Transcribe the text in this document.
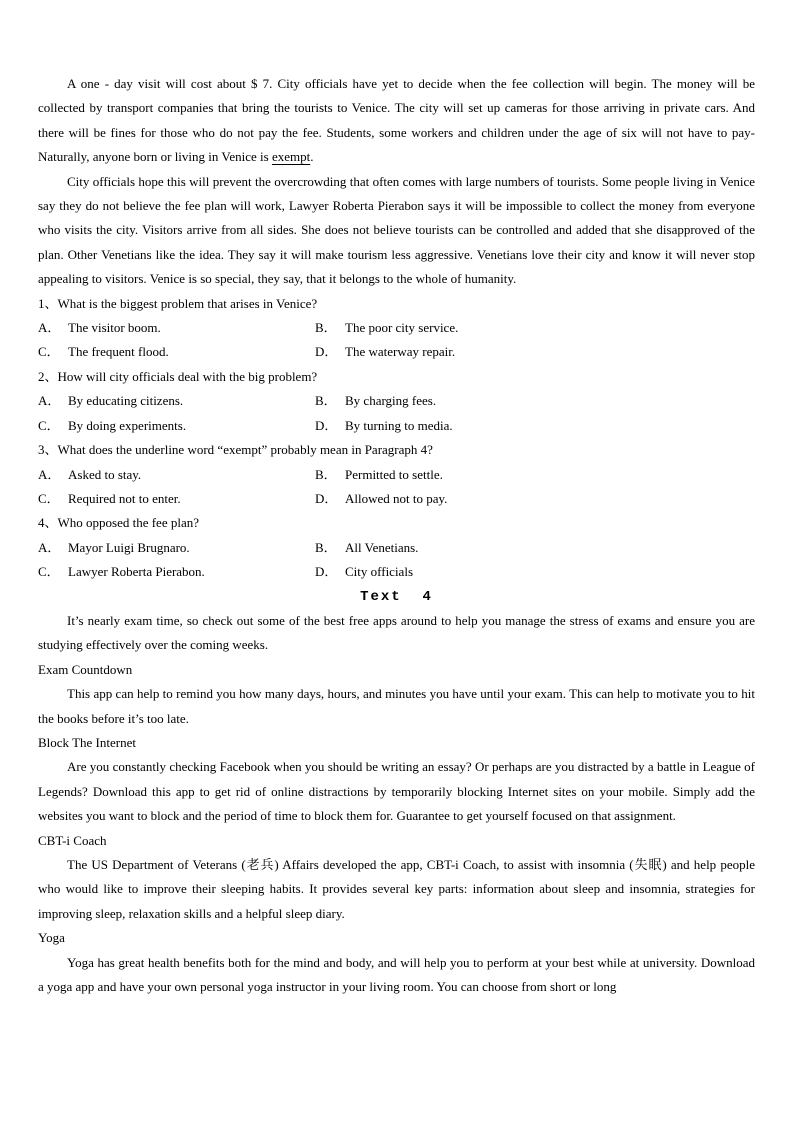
A one - day visit will cost about $ 7. City officials have yet to decide when the fee collection will begin. The money will be collected by transport companies that bring the tourists to Venice. The city will set up cameras for those arriving in private cars. And there will be fines for those who do not pay the fee. Students, some workers and children under the age of six will not have to pay- Naturally, anyone born or living in Venice is exempt.

City officials hope this will prevent the overcrowding that often comes with large numbers of tourists. Some people living in Venice say they do not believe the fee plan will work, Lawyer Roberta Pierabon says it will be impossible to collect the money from everyone who visits the city. Visitors arrive from all sides. She does not believe tourists can be controlled and added that she disapproved of the plan. Other Venetians like the idea. They say it will make tourism less aggressive. Venetians love their city and know it will never stop appealing to visitors. Venice is so special, they say, that it belongs to the whole of humanity.

1、What is the biggest problem that arises in Venice?
A． The visitor boom.	B． The poor city service.
C． The frequent flood.	D． The waterway repair.
2、How will city officials deal with the big problem?
A． By educating citizens.	B． By charging fees.
C． By doing experiments.	D． By turning to media.
3、What does the underline word “exempt” probably mean in Paragraph 4?
A． Asked to stay.	B． Permitted to settle.
C． Required not to enter.	D． Allowed not to pay.
4、Who opposed the fee plan?
A． Mayor Luigi Brugnaro.	B． All Venetians.
C． Lawyer Roberta Pierabon.	D． City officials
Text  4

It’s nearly exam time, so check out some of the best free apps around to help you manage the stress of exams and ensure you are studying effectively over the coming weeks.

Exam Countdown

This app can help to remind you how many days, hours, and minutes you have until your exam. This can help to motivate you to hit the books before it’s too late.

Block The Internet

Are you constantly checking Facebook when you should be writing an essay? Or perhaps are you distracted by a battle in League of Legends? Download this app to get rid of online distractions by temporarily blocking Internet sites on your mobile. Simply add the websites you want to block and the period of time to block them for. Guarantee to get yourself focused on that assignment.

CBT-i Coach

The US Department of Veterans (老兵) Affairs developed the app, CBT-i Coach, to assist with insomnia (失眠) and help people who would like to improve their sleeping habits. It provides several key parts: information about sleep and insomnia, strategies for improving sleep, relaxation skills and a helpful sleep diary.

Yoga

Yoga has great health benefits both for the mind and body, and will help you to perform at your best while at university. Download a yoga app and have your own personal yoga instructor in your living room. You can choose from short or long
